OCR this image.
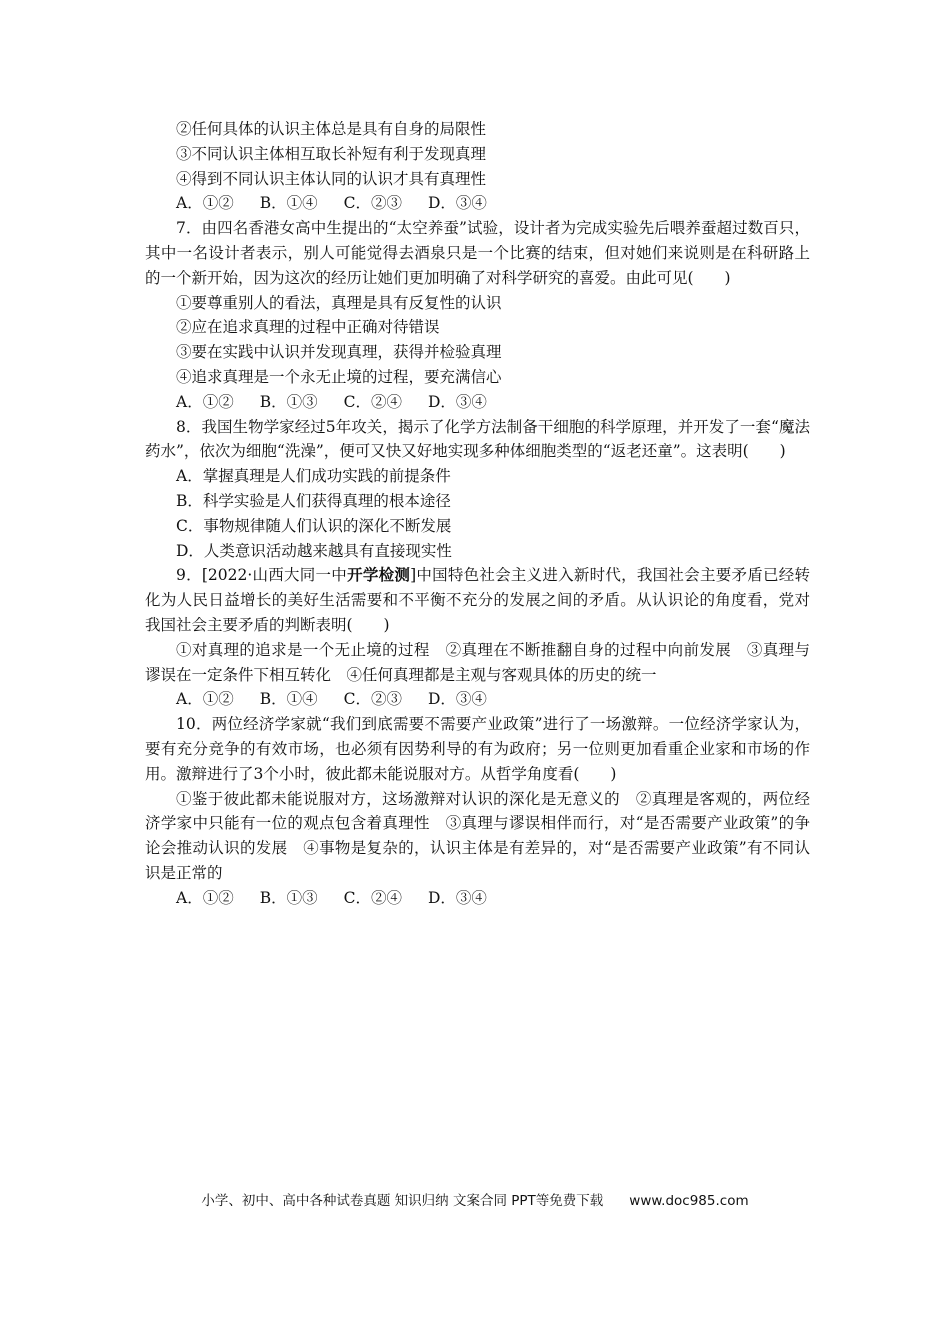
②任何具体的认识主体总是具有自身的局限性
③不同认识主体相互取长补短有利于发现真理
④得到不同认识主体认同的认识才具有真理性
A．①② B．①④ C．②③ D．③④
7．由四名香港女高中生提出的“太空养蚕”试验，设计者为完成实验先后喂养蚕超过数百只，其中一名设计者表示，别人可能觉得去酒泉只是一个比赛的结束，但对她们来说则是在科研路上的一个新开始，因为这次的经历让她们更加明确了对科学研究的喜爱。由此可见(　　)
①要尊重别人的看法，真理是具有反复性的认识
②应在追求真理的过程中正确对待错误
③要在实践中认识并发现真理，获得并检验真理
④追求真理是一个永无止境的过程，要充满信心
A．①② B．①③ C．②④ D．③④
8．我国生物学家经过5年攻关，揭示了化学方法制备干细胞的科学原理，并开发了一套“魔法药水”，依次为细胞“洗澡”，便可又快又好地实现多种体细胞类型的“返老还童”。这表明(　　)
A．掌握真理是人们成功实践的前提条件
B．科学实验是人们获得真理的根本途径
C．事物规律随人们认识的深化不断发展
D．人类意识活动越来越具有直接现实性
9．[2022·山西大同一中开学检测]中国特色社会主义进入新时代，我国社会主要矛盾已经转化为人民日益增长的美好生活需要和不平衡不充分的发展之间的矛盾。从认识论的角度看，党对我国社会主要矛盾的判断表明(　　)
①对真理的追求是一个无止境的过程　②真理在不断推翻自身的过程中向前发展　③真理与谬误在一定条件下相互转化　④任何真理都是主观与客观具体的历史的统一
A．①② B．①④ C．②③ D．③④
10．两位经济学家就“我们到底需要不需要产业政策”进行了一场激辩。一位经济学家认为，要有充分竞争的有效市场，也必须有因势利导的有为政府；另一位则更加看重企业家和市场的作用。激辩进行了3个小时，彼此都未能说服对方。从哲学角度看(　　)
①鉴于彼此都未能说服对方，这场激辩对认识的深化是无意义的　②真理是客观的，两位经济学家中只能有一位的观点包含着真理性　③真理与谬误相伴而行，对“是否需要产业政策”的争论会推动认识的发展　④事物是复杂的，认识主体是有差异的，对“是否需要产业政策”有不同认识是正常的
A．①② B．①③ C．②④ D．③④
小学、初中、高中各种试卷真题 知识归纳 文案合同 PPT等免费下载 www.doc985.com
